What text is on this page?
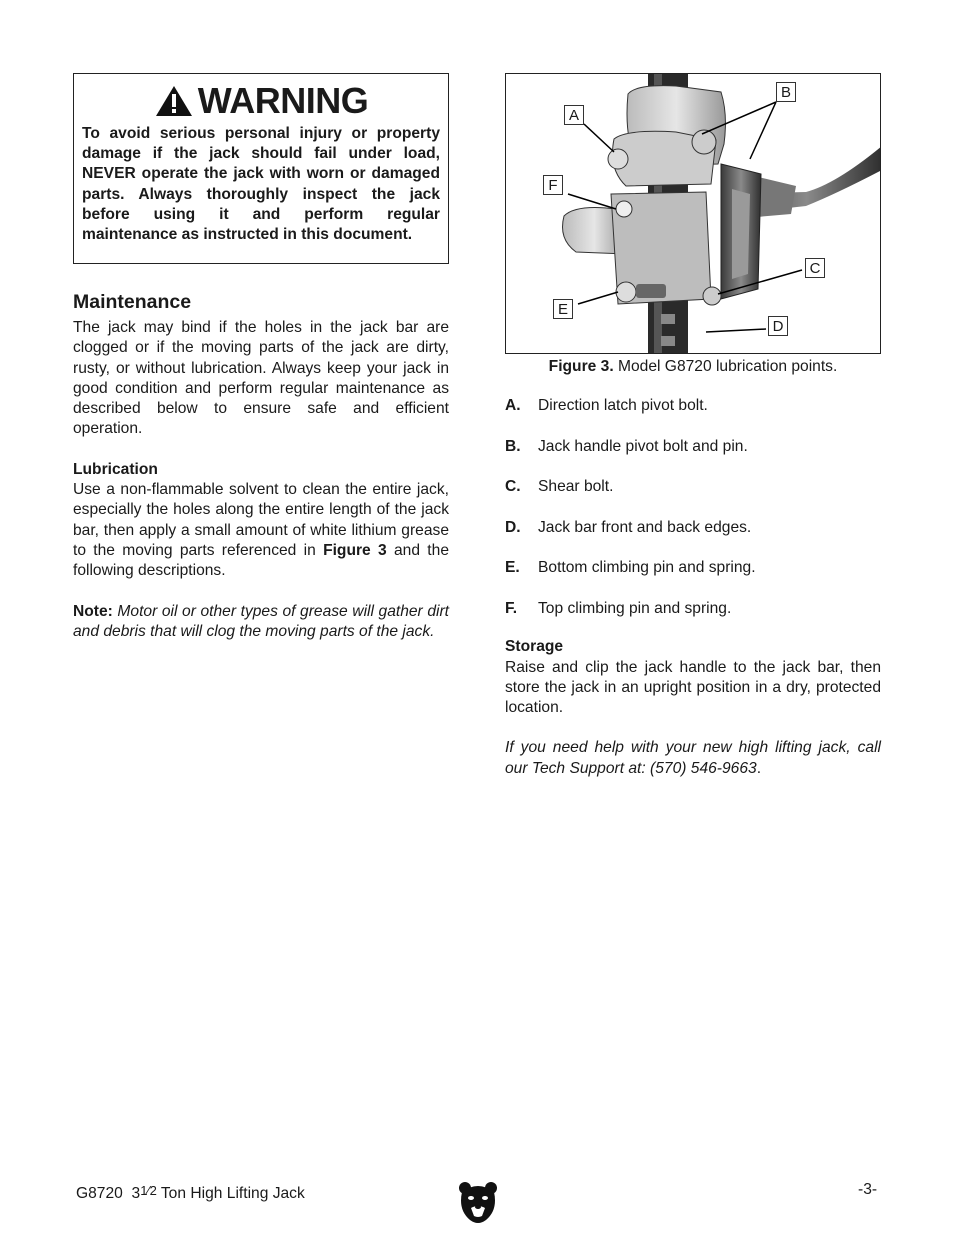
WARNING
To avoid serious personal injury or property damage if the jack should fail under load, NEVER operate the jack with worn or damaged parts. Always thoroughly inspect the jack before using it and perform regular maintenance as instructed in this document.
Maintenance

The jack may bind if the holes in the jack bar are clogged or if the moving parts of the jack are dirty, rusty, or without lubrication. Always keep your jack in good condition and perform regular maintenance as described below to ensure safe and efficient operation.

Lubrication

Use a non-flammable solvent to clean the entire jack, especially the holes along the entire length of the jack bar, then apply a small amount of white lithium grease to the moving parts referenced in Figure 3 and the following descriptions.

Note: Motor oil or other types of grease will gather dirt and debris that will clog the moving parts of the jack.

A
B
C
D
E
F
Figure 3. Model G8720 lubrication points.
A.	Direction latch pivot bolt.
B.	Jack handle pivot bolt and pin.
C.	Shear bolt.
D.	Jack bar front and back edges.
E.	Bottom climbing pin and spring.
F.	Top climbing pin and spring.
Storage

Raise and clip the jack handle to the jack bar, then store the jack in an upright position in a dry, protected location.

If you need help with your new high lifting jack, call our Tech Support at: (570) 546-9663.

G8720 31⁄2 Ton High Lifting Jack	-3-
